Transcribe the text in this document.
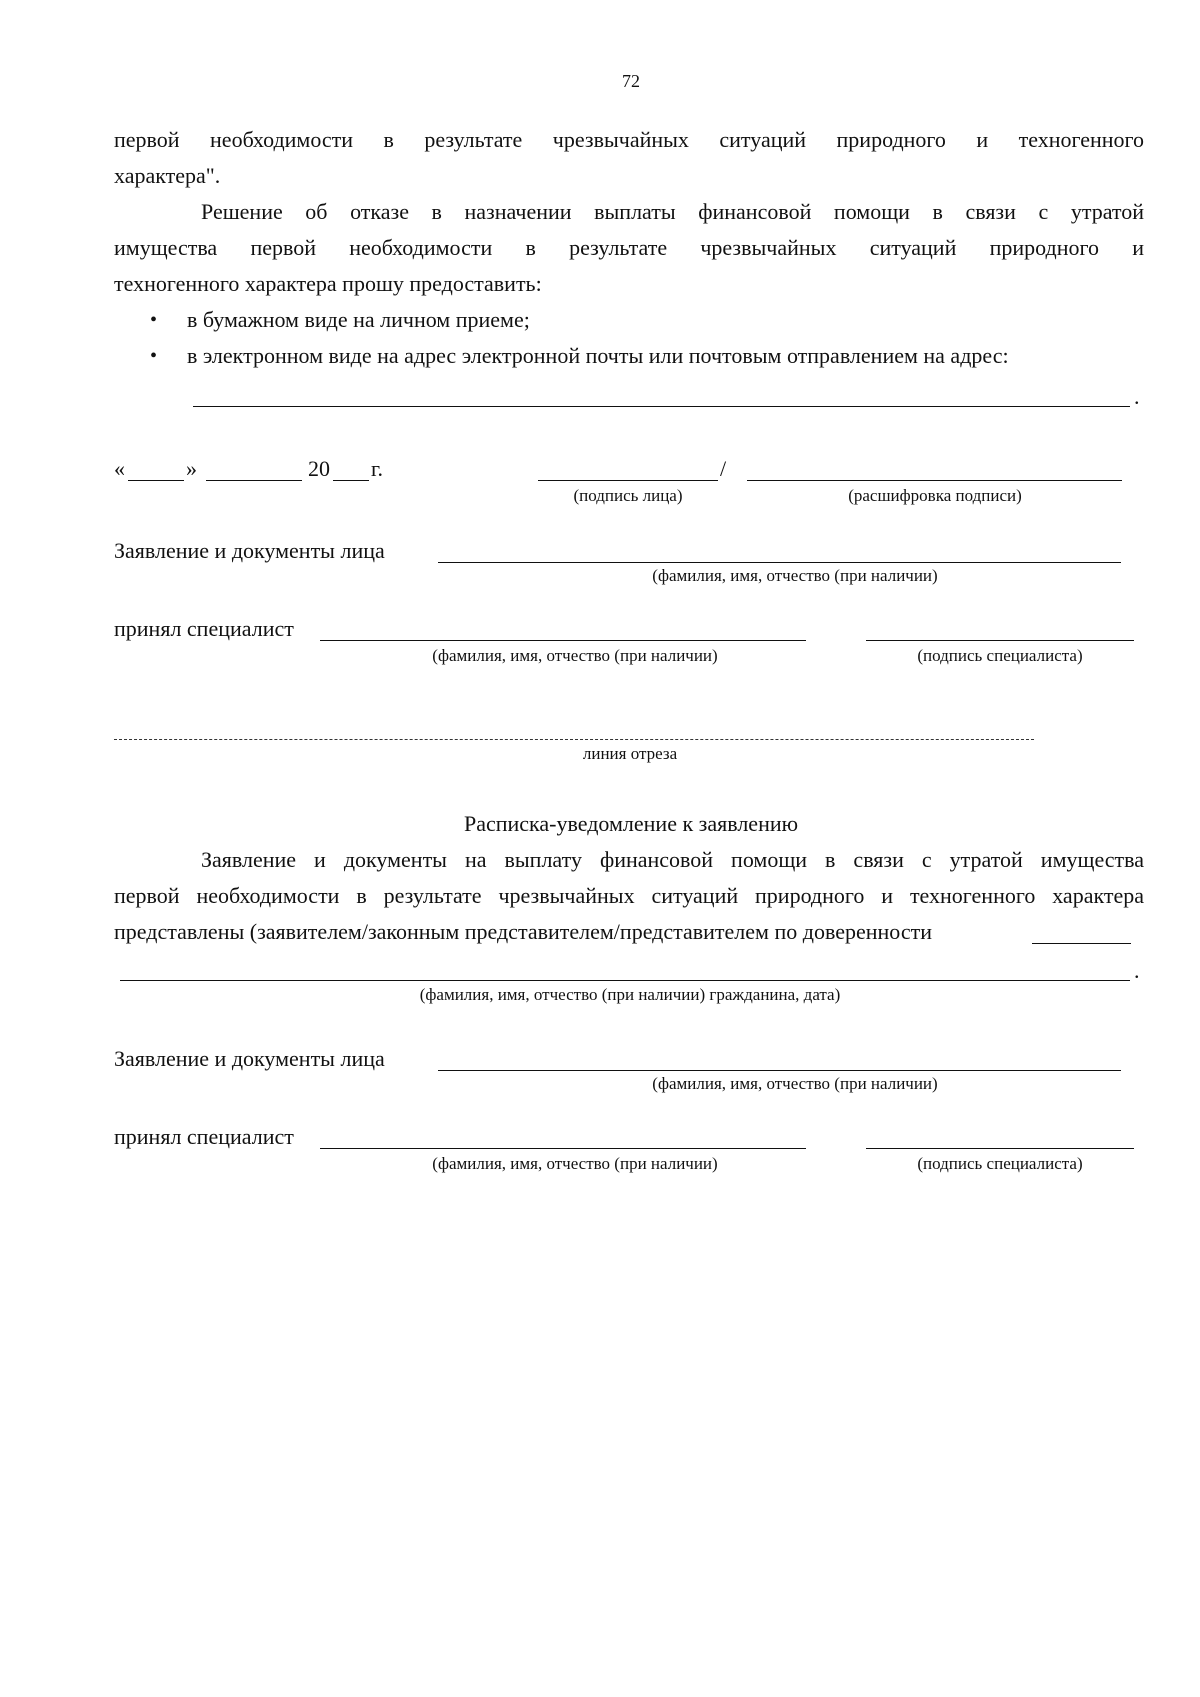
72
первой необходимости в результате чрезвычайных ситуаций природного и техногенного
характера".
Решение об отказе в назначении выплаты финансовой помощи в связи с утратой
имущества первой необходимости в результате чрезвычайных ситуаций природного и
техногенного характера прошу предоставить:
• в бумажном виде на личном приеме;
• в электронном виде на адрес электронной почты или почтовым отправлением на адрес:
.
«	»	20 г.	/
(подпись лица)	(расшифровка подписи)
Заявление и документы лица
(фамилия, имя, отчество (при наличии)
принял специалист
(фамилия, имя, отчество (при наличии)	(подпись специалиста)
линия отреза
Расписка-уведомление к заявлению
Заявление и документы на выплату финансовой помощи в связи с утратой имущества
первой необходимости в результате чрезвычайных ситуаций природного и техногенного характера
представлены (заявителем/законным представителем/представителем по доверенности
.
(фамилия, имя, отчество (при наличии) гражданина, дата)
Заявление и документы лица
(фамилия, имя, отчество (при наличии)
принял специалист
(фамилия, имя, отчество (при наличии)	(подпись специалиста)
